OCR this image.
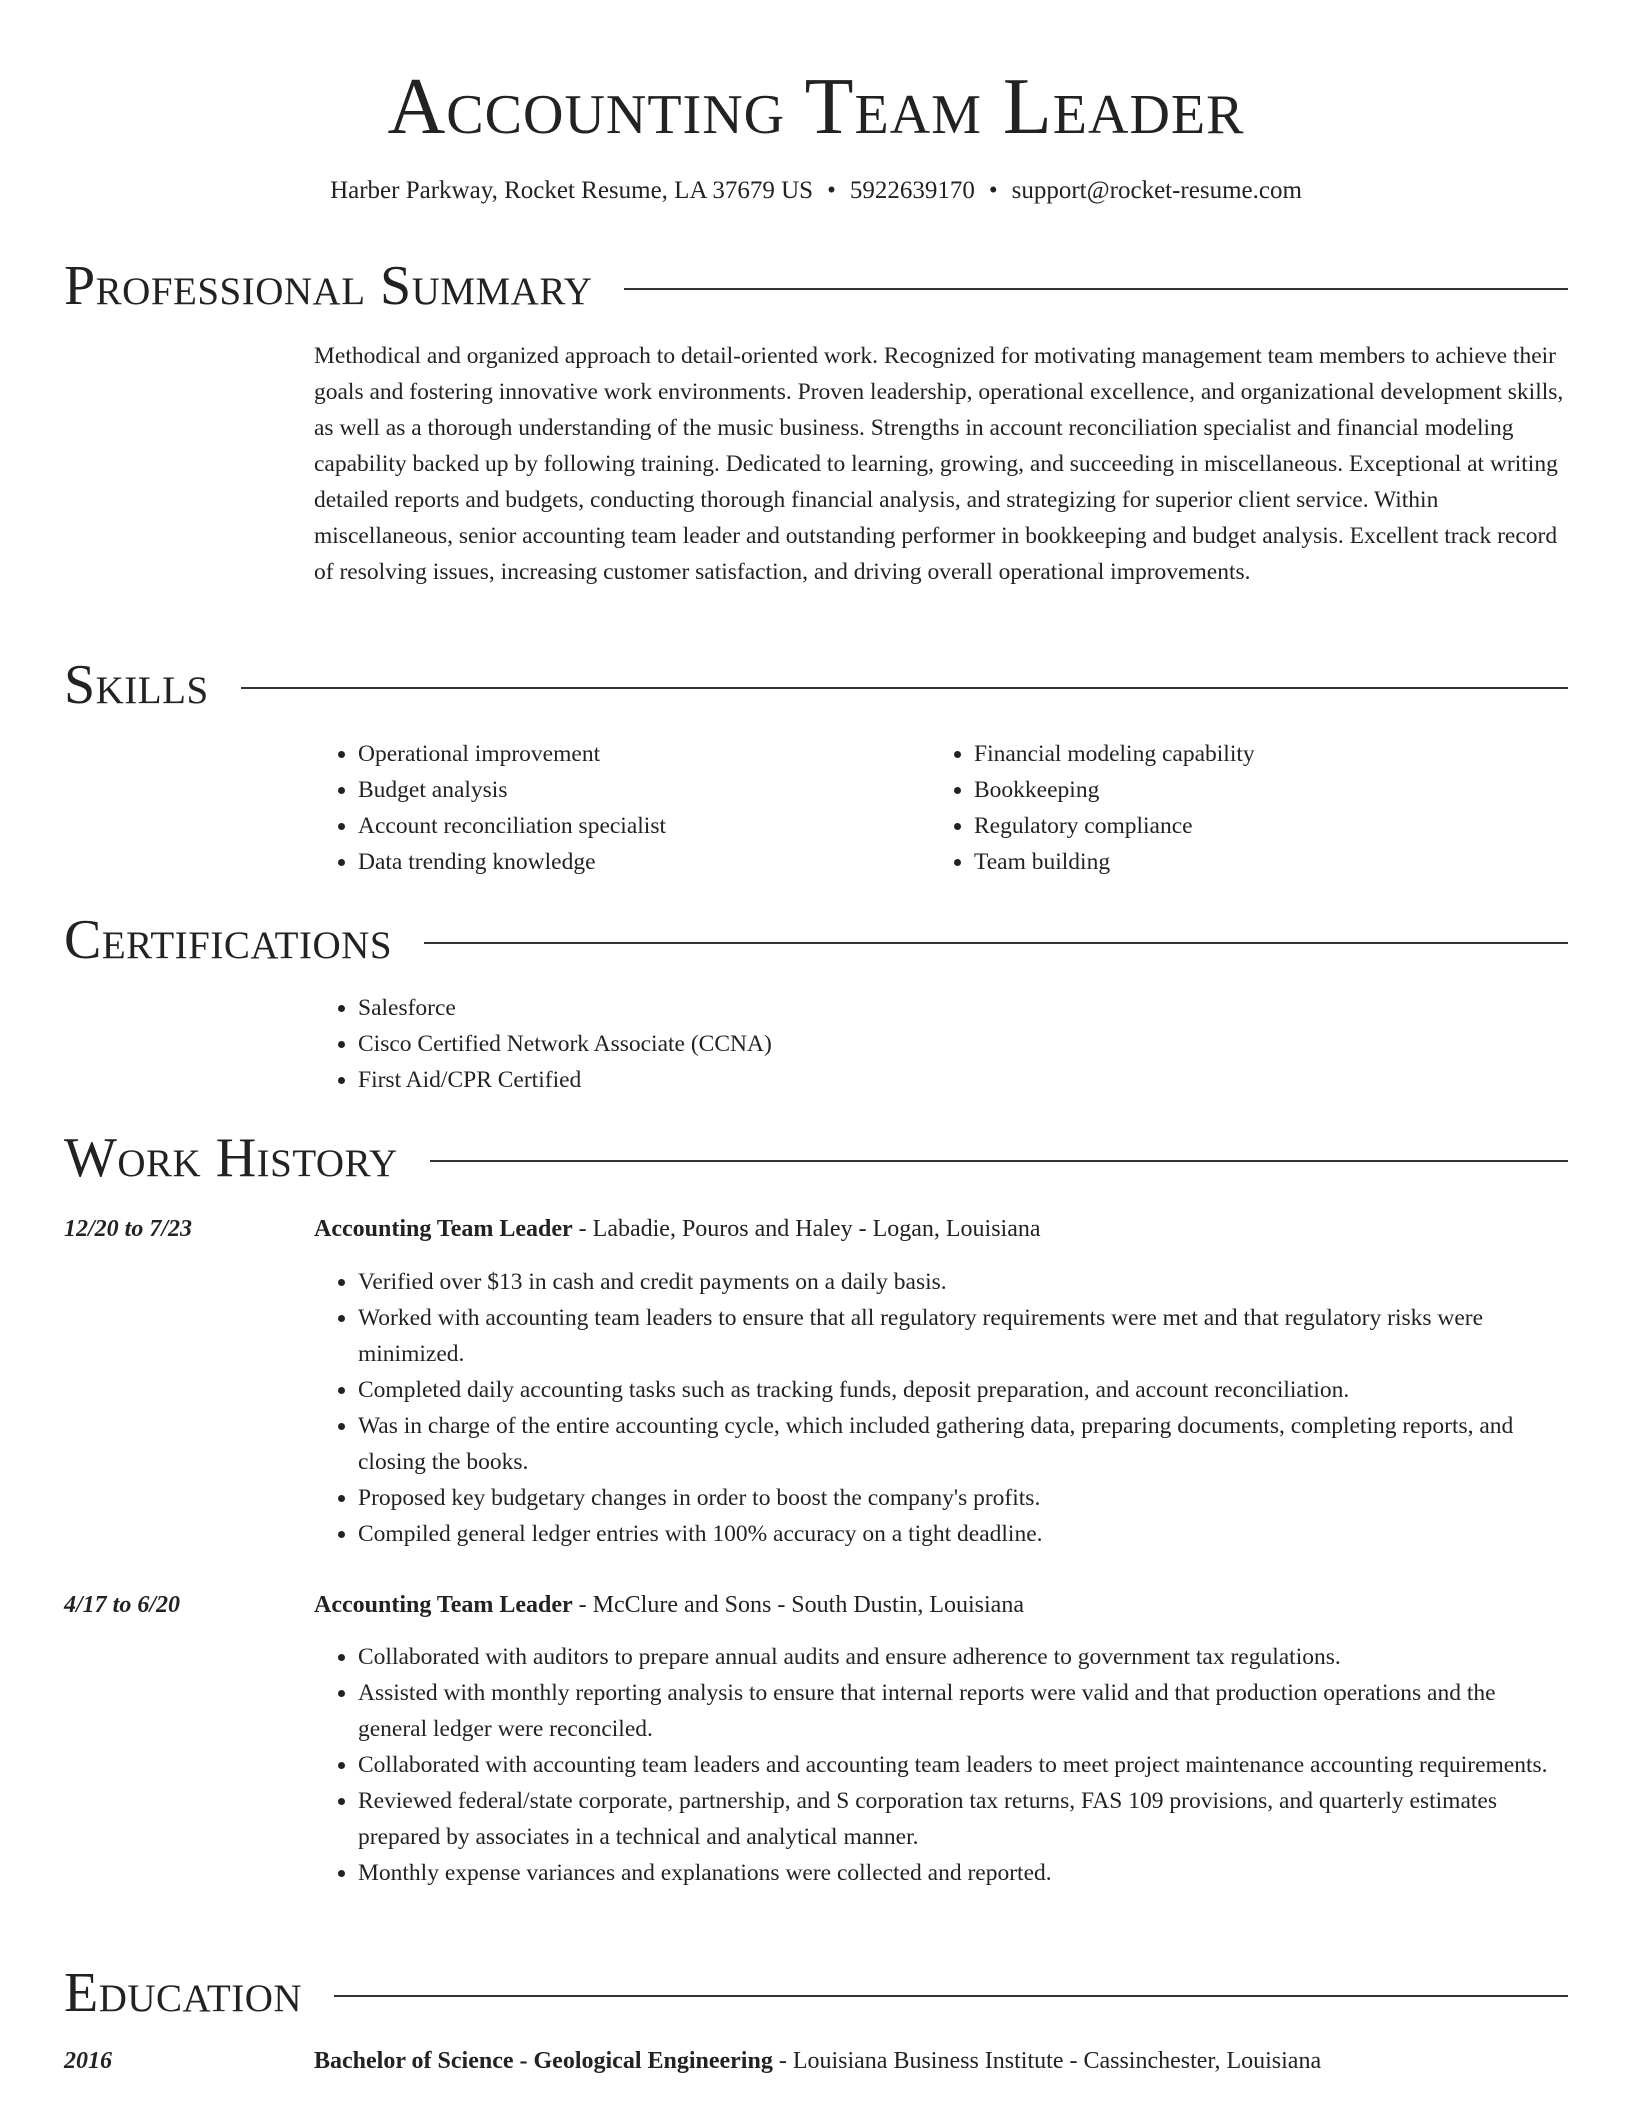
Accounting Team Leader
Harber Parkway, Rocket Resume, LA 37679 US • 5922639170 • support@rocket-resume.com
Professional Summary
Methodical and organized approach to detail-oriented work. Recognized for motivating management team members to achieve their goals and fostering innovative work environments. Proven leadership, operational excellence, and organizational development skills, as well as a thorough understanding of the music business. Strengths in account reconciliation specialist and financial modeling capability backed up by following training. Dedicated to learning, growing, and succeeding in miscellaneous. Exceptional at writing detailed reports and budgets, conducting thorough financial analysis, and strategizing for superior client service. Within miscellaneous, senior accounting team leader and outstanding performer in bookkeeping and budget analysis. Excellent track record of resolving issues, increasing customer satisfaction, and driving overall operational improvements.
Skills
• Operational improvement
• Budget analysis
• Account reconciliation specialist
• Data trending knowledge
• Financial modeling capability
• Bookkeeping
• Regulatory compliance
• Team building
Certifications
• Salesforce
• Cisco Certified Network Associate (CCNA)
• First Aid/CPR Certified
Work History
12/20 to 7/23	Accounting Team Leader - Labadie, Pouros and Haley - Logan, Louisiana
• Verified over $13 in cash and credit payments on a daily basis.
• Worked with accounting team leaders to ensure that all regulatory requirements were met and that regulatory risks were minimized.
• Completed daily accounting tasks such as tracking funds, deposit preparation, and account reconciliation.
• Was in charge of the entire accounting cycle, which included gathering data, preparing documents, completing reports, and closing the books.
• Proposed key budgetary changes in order to boost the company's profits.
• Compiled general ledger entries with 100% accuracy on a tight deadline.
4/17 to 6/20	Accounting Team Leader - McClure and Sons - South Dustin, Louisiana
• Collaborated with auditors to prepare annual audits and ensure adherence to government tax regulations.
• Assisted with monthly reporting analysis to ensure that internal reports were valid and that production operations and the general ledger were reconciled.
• Collaborated with accounting team leaders and accounting team leaders to meet project maintenance accounting requirements.
• Reviewed federal/state corporate, partnership, and S corporation tax returns, FAS 109 provisions, and quarterly estimates prepared by associates in a technical and analytical manner.
• Monthly expense variances and explanations were collected and reported.
Education
2016	Bachelor of Science - Geological Engineering - Louisiana Business Institute - Cassinchester, Louisiana
